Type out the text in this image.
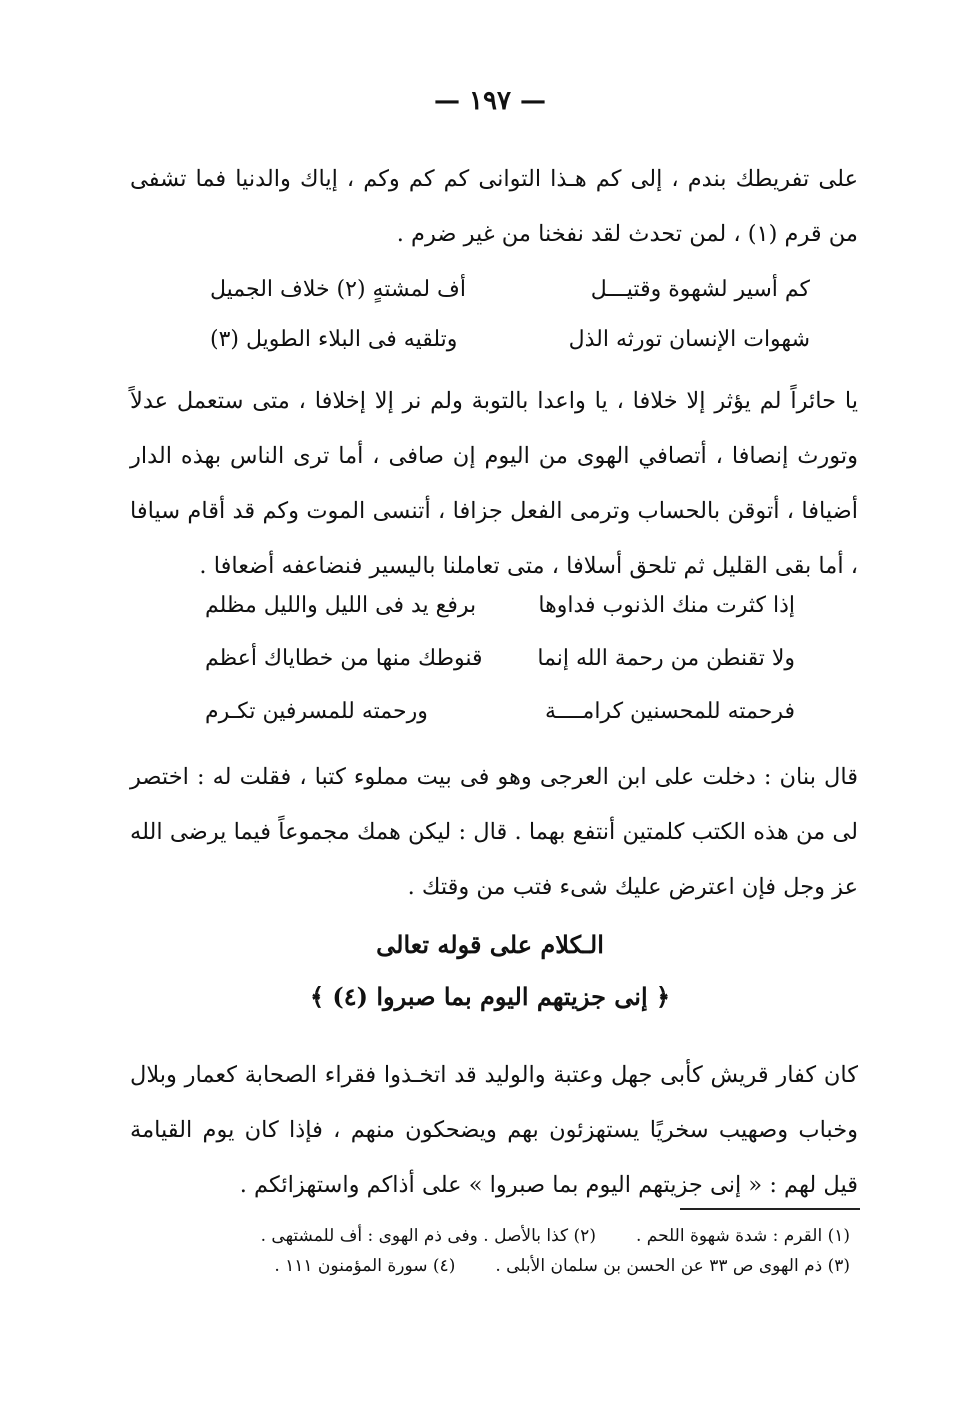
— ١٩٧ —

على تفريطك بندم ، إلى كم هـذا التوانى كم كم وكم ، إياك والدنيا فما تشفى من قرم (١) ، لمن تحدث لقد نفخنا من غير ضرم .

كم أسير لشهوة وقتيـــل
أف لمشتهٍ (٢) خلاف الجميل
شهوات الإنسان تورثه الذل
وتلقيه فى البلاء الطويل (٣)

يا حائراً لم يؤثر إلا خلافا ، يا واعدا بالتوبة ولم نر إلا إخلافا ، متى ستعمل عدلاً وتورث إنصافا ، أتصافي الهوى من اليوم إن صافى ، أما ترى الناس بهذه الدار أضيافا ، أتوقن بالحساب وترمى الفعل جزافا ، أتنسى الموت وكم قد أقام سيافا ، أما بقى القليل ثم تلحق أسلافا ، متى تعاملنا باليسير فنضاعفه أضعافا .

إذا كثرت منك الذنوب فداوها
برفع يد فى الليل والليل مظلم
ولا تقنطن من رحمة الله إنما
قنوطك منها من خطاياك أعظم
فرحمته للمحسنين كرامــــة
ورحمته للمسرفين تكـرم

قال بنان : دخلت على ابن العرجى وهو فى بيت مملوء كتبا ، فقلت له : اختصر لى من هذه الكتب كلمتين أنتفع بهما . قال : ليكن همك مجموعاً فيما يرضى الله عز وجل فإن اعترض عليك شىء فتب من وقتك .

الـكلام على قوله تعالى
﴿ إنى جزيتهم اليوم بما صبروا (٤) ﴾

كان كفار قريش كأبى جهل وعتبة والوليد قد اتخـذوا فقراء الصحابة كعمار وبلال وخباب وصهيب سخريًا يستهزئون بهم ويضحكون منهم ، فإذا كان يوم القيامة قيل لهم : « إنى جزيتهم اليوم بما صبروا » على أذاكم واستهزائكم .

(١) القرم : شدة شهوة اللحم .
(٢) كذا بالأصل . وفى ذم الهوى : أف للمشتهى .
(٣) ذم الهوى ص ٣٣ عن الحسن بن سلمان الأبلى .
(٤) سورة المؤمنون ١١١ .
